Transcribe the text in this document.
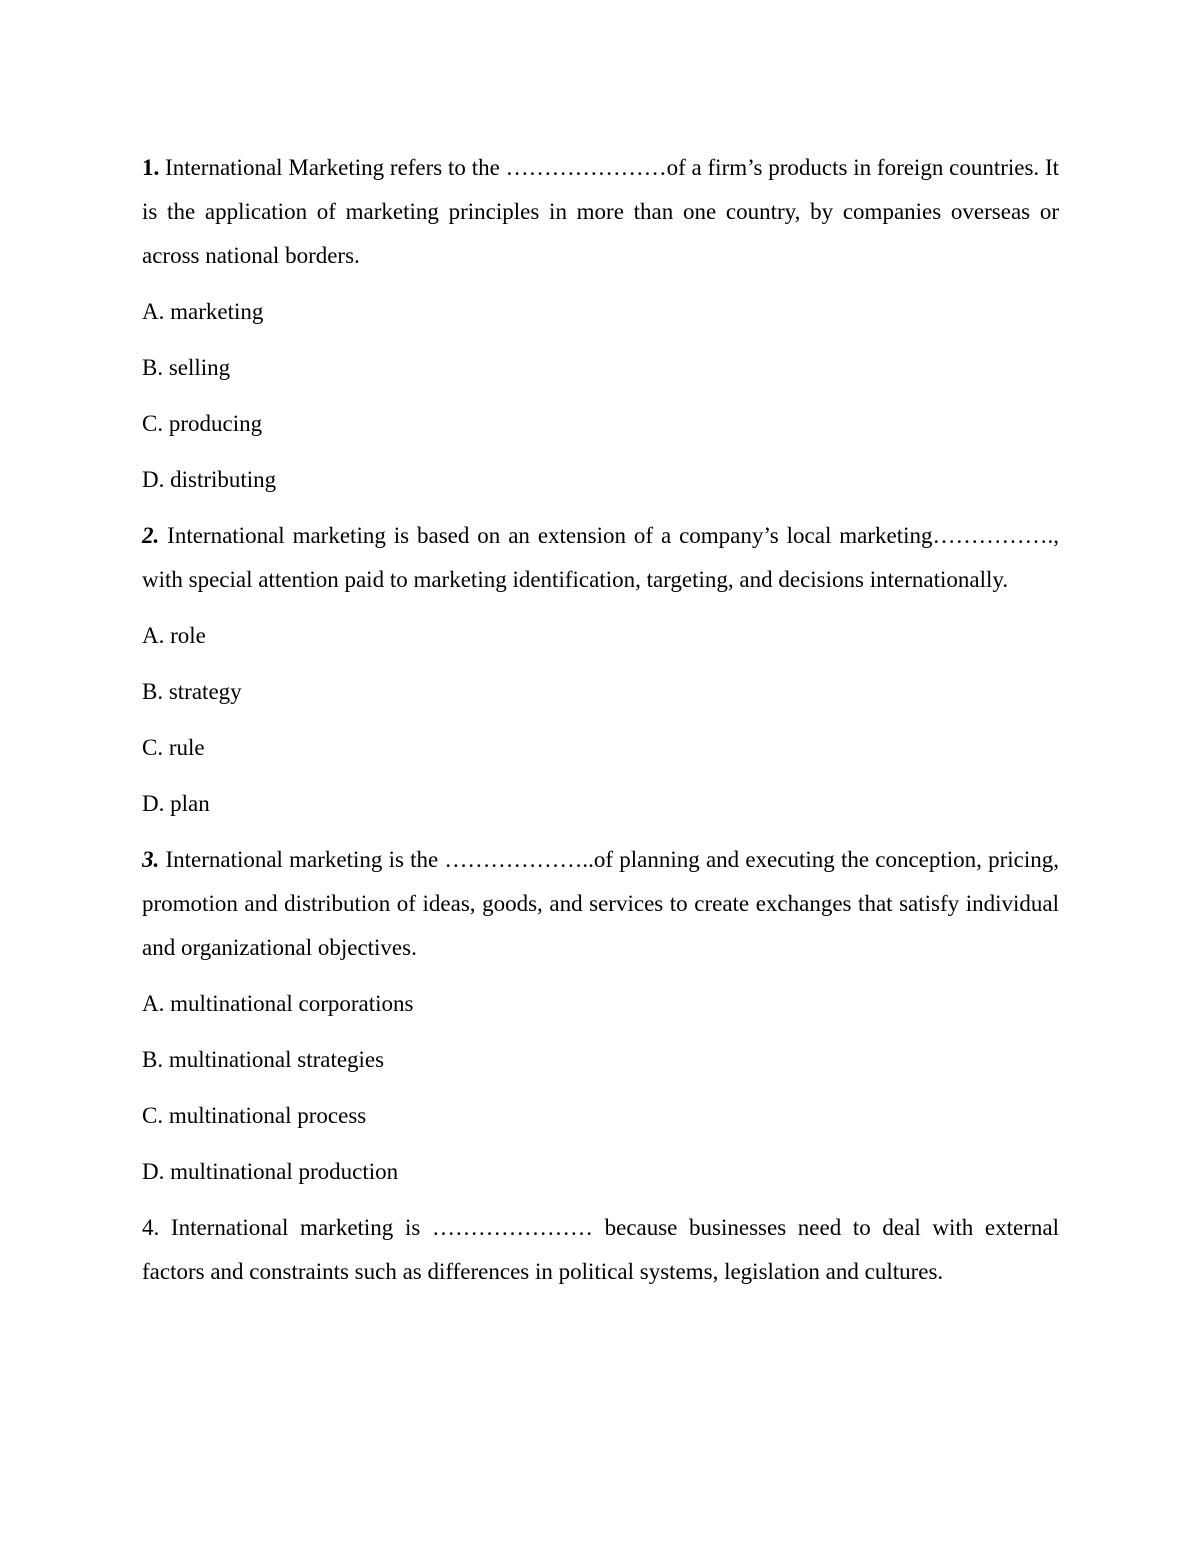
1. International Marketing refers to the …………………of a firm’s products in foreign countries. It is the application of marketing principles in more than one country, by companies overseas or across national borders.

A. marketing

B. selling

C. producing

D. distributing

2. International marketing is based on an extension of a company’s local marketing……………., with special attention paid to marketing identification, targeting, and decisions internationally.

A. role

B. strategy

C. rule

D. plan

3. International marketing is the ………………..of planning and executing the conception, pricing, promotion and distribution of ideas, goods, and services to create exchanges that satisfy individual and organizational objectives.

A. multinational corporations

B. multinational strategies

C. multinational process

D. multinational production

4. International marketing is ………………… because businesses need to deal with external factors and constraints such as differences in political systems, legislation and cultures.
